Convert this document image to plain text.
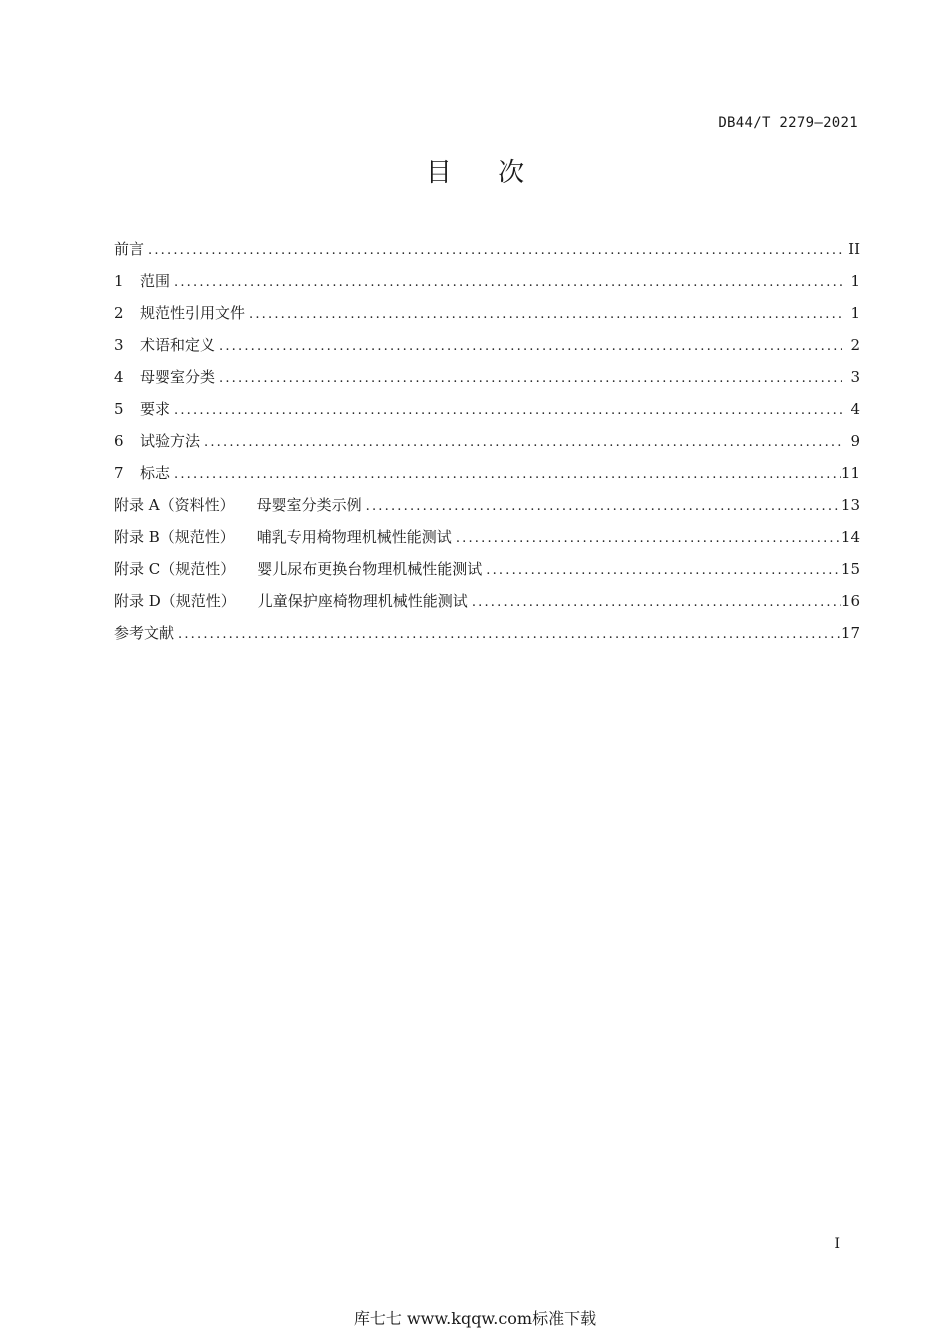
DB44/T 2279—2021
目 次
前言 .....	II
1	范围 .....	1
2	规范性引用文件 .....	1
3	术语和定义 .....	2
4	母婴室分类 .....	3
5	要求 .....	4
6	试验方法 .....	9
7	标志 .....	11
附录 A（资料性）	母婴室分类示例 .....	13
附录 B（规范性）	哺乳专用椅物理机械性能测试 .....	14
附录 C（规范性）	婴儿尿布更换台物理机械性能测试 .....	15
附录 D（规范性）	儿童保护座椅物理机械性能测试 .....	16
参考文献 .....	17
I
库七七 www.kqqw.com标准下载
